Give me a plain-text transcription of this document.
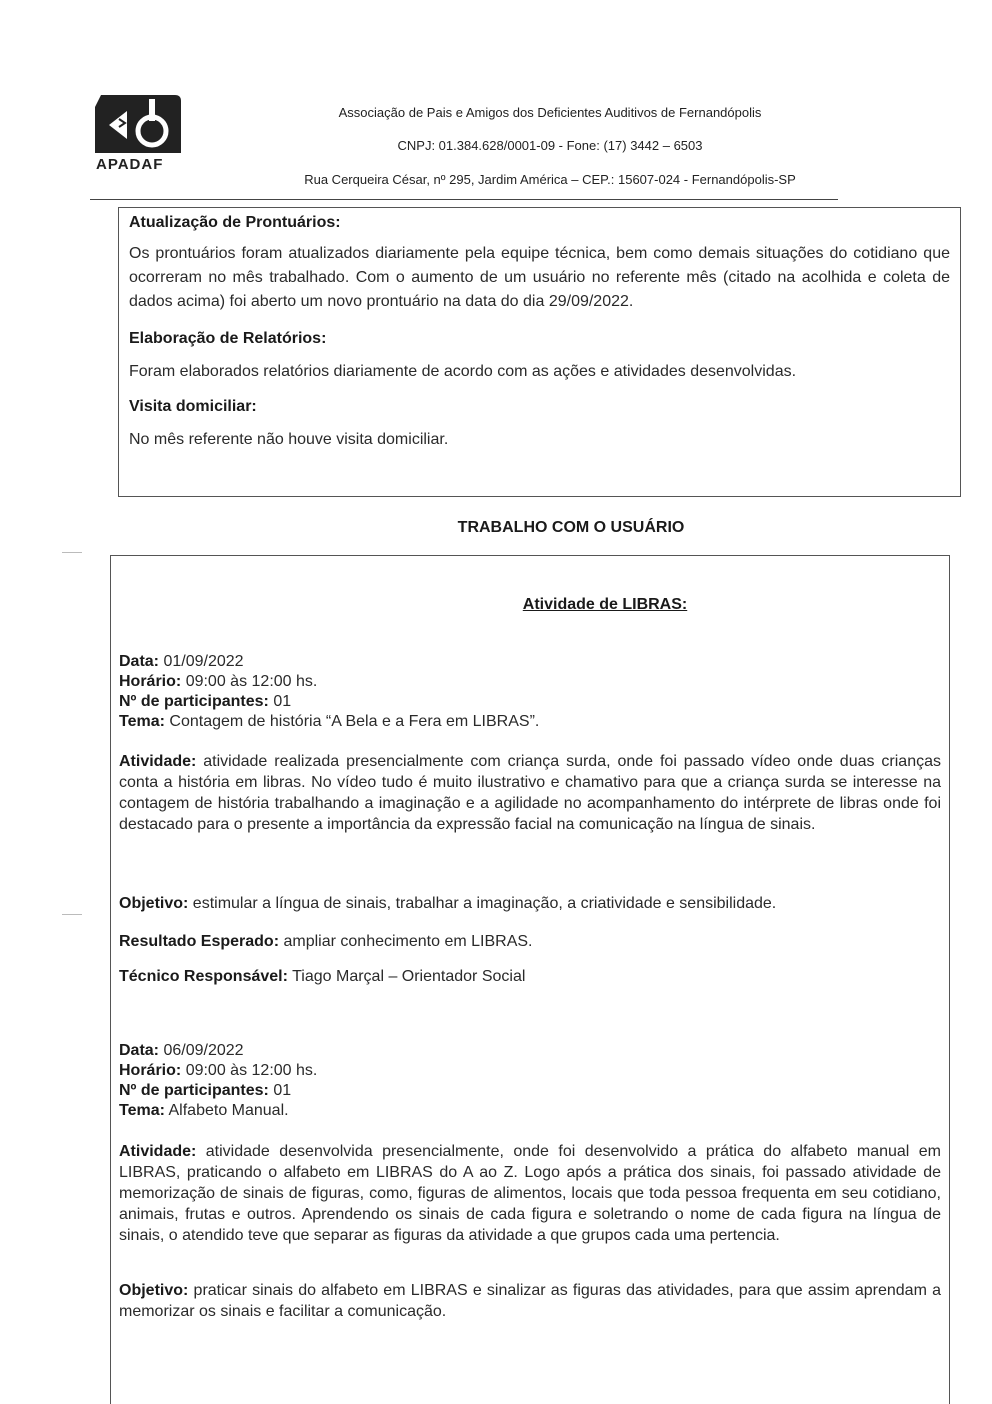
APADAF
Associação de Pais e Amigos dos Deficientes Auditivos de Fernandópolis
CNPJ: 01.384.628/0001-09 - Fone: (17) 3442 – 6503
Rua Cerqueira César, nº 295, Jardim América – CEP.: 15607-024 - Fernandópolis-SP
Atualização de Prontuários:
Os prontuários foram atualizados diariamente pela equipe técnica, bem como demais situações do cotidiano que ocorreram no mês trabalhado. Com o aumento de um usuário no referente mês (citado na acolhida e coleta de dados acima) foi aberto um novo prontuário na data do dia 29/09/2022.
Elaboração de Relatórios:
Foram elaborados relatórios diariamente de acordo com as ações e atividades desenvolvidas.
Visita domiciliar:
No mês referente não houve visita domiciliar.
TRABALHO COM O USUÁRIO
Atividade de LIBRAS:
Data: 01/09/2022
Horário: 09:00 às 12:00 hs.
Nº de participantes: 01
Tema: Contagem de história “A Bela e a Fera em LIBRAS”.
Atividade: atividade realizada presencialmente com criança surda, onde foi passado vídeo onde duas crianças conta a história em libras. No vídeo tudo é muito ilustrativo e chamativo para que a criança surda se interesse na contagem de história trabalhando a imaginação e a agilidade no acompanhamento do intérprete de libras onde foi destacado para o presente a importância da expressão facial na comunicação na língua de sinais.
Objetivo: estimular a língua de sinais, trabalhar a imaginação, a criatividade e sensibilidade.
Resultado Esperado: ampliar conhecimento em LIBRAS.
Técnico Responsável: Tiago Marçal – Orientador Social
Data: 06/09/2022
Horário: 09:00 às 12:00 hs.
Nº de participantes: 01
Tema: Alfabeto Manual.
Atividade: atividade desenvolvida presencialmente, onde foi desenvolvido a prática do alfabeto manual em LIBRAS, praticando o alfabeto em LIBRAS do A ao Z. Logo após a prática dos sinais, foi passado atividade de memorização de sinais de figuras, como, figuras de alimentos, locais que toda pessoa frequenta em seu cotidiano, animais, frutas e outros. Aprendendo os sinais de cada figura e soletrando o nome de cada figura na língua de sinais, o atendido teve que separar as figuras da atividade a que grupos cada uma pertencia.
Objetivo: praticar sinais do alfabeto em LIBRAS e sinalizar as figuras das atividades, para que assim aprendam a memorizar os sinais e facilitar a comunicação.
